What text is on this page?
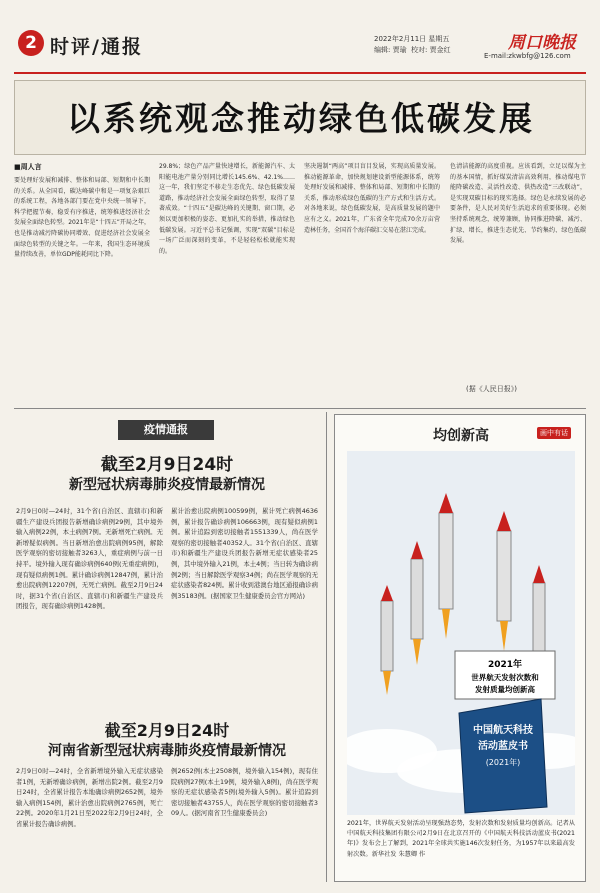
2 时评/通报	2022年2月11日 星期五
编辑: 贾瑜 校对: 贾金红	周口晚报
E-mail:zkwbfg@126.com
以系统观念推动绿色低碳发展
■周人言
要处理好发展和减排、整体和局部、短期和中长期的关系。从全国看，碳达峰碳中和是一项复杂艰巨的系统工程，各地各部门要在党中央统一领导下，科学把握节奏，稳妥有序推进，统筹推进经济社会发展全面绿色转型。2021年是“十四五”开局之年，也是推动减污降碳协同增效、促进经济社会发展全面绿色转型的关键之年。一年来，我国生态环境质量持续改善，单位GDP能耗同比下降。
29.8%；绿色产品产量快速增长，新能源汽车、太阳能电池产量分别同比增长145.6%、42.1%……这一年，我们坚定不移走生态优先、绿色低碳发展道路，推动经济社会发展全面绿色转型，取得了显著成效。“十四五”是碳达峰的关键期、窗口期，必须以更加积极的姿态、更加扎实的举措，推动绿色低碳发展。习近平总书记强调，实现“双碳”目标是一场广泛而深刻的变革，不是轻轻松松就能实现的。
坚决遏制“两高”项目盲目发展，实现高质量发展。推动能源革命，加快规划建设新型能源体系，统筹处理好发展和减排、整体和局部、短期和中长期的关系，推动形成绿色低碳的生产方式和生活方式。对各地来说，绿色低碳发展，是高质量发展的题中应有之义。2021年，广东省全年完成70余万亩营造林任务，全国首个海洋碳汇交易在湛江完成。
色清洁能源的高度重视。应该看到，立足以煤为主的基本国情，抓好煤炭清洁高效利用，推动煤电节能降碳改造、灵活性改造、供热改造“三改联动”，是实现双碳目标的现实选择。绿色是永续发展的必要条件，是人民对美好生活追求的重要体现。必须坚持系统观念，统筹兼顾，协同推进降碳、减污、扩绿、增长，推进生态优先、节约集约、绿色低碳发展。
(据《人民日报》)
疫情通报
截至2月9日24时
新型冠状病毒肺炎疫情最新情况
2月9日0时—24时，31个省(自治区、直辖市)和新疆生产建设兵团报告新增确诊病例29例，其中境外输入病例22例，本土病例7例。无新增死亡病例。无新增疑似病例。当日新增治愈出院病例95例，解除医学观察的密切接触者3263人，重症病例与前一日持平。境外输入现有确诊病例640例(无重症病例)，现有疑似病例1例。累计确诊病例12847例，累计治愈出院病例12207例，无死亡病例。截至2月9日24时，据31个省(自治区、直辖市)和新疆生产建设兵团报告，现有确诊病例1428例。
累计治愈出院病例100599例，累计死亡病例4636例，累计报告确诊病例106663例，现有疑似病例1例。累计追踪到密切接触者1551339人，尚在医学观察的密切接触者40352人。31个省(自治区、直辖市)和新疆生产建设兵团报告新增无症状感染者25例，其中境外输入21例，本土4例；当日转为确诊病例2例；当日解除医学观察34例；尚在医学观察的无症状感染者824例。累计收到港澳台地区通报确诊病例35183例。(据国家卫生健康委员会官方网站)
截至2月9日24时
河南省新型冠状病毒肺炎疫情最新情况
2月9日0时—24时，全省新增境外输入无症状感染者1例，无新增确诊病例，新增出院2例。截至2月9日24时，全省累计报告本地确诊病例2652例，境外输入病例154例，累计治愈出院病例2765例，死亡22例。2020年1月21日至2022年2月9日24时，全省累计报告确诊病例。
例2652例(本土2508例，境外输入154例)，现有住院病例27例(本土19例，境外输入8例)，尚在医学观察的无症状感染者5例(境外输入5例)。累计追踪到密切接触者43755人，尚在医学观察的密切接触者309人。(据河南省卫生健康委员会)
均创新高	画中有话
2021年
世界航天发射次数和
发射质量均创新高
中国航天科技
活动蓝皮书
(2021年)
2021年，世界航天发射活动呈现强劲态势，发射次数和发射质量均创新高。记者从中国航天科技集团有限公司2月9日在北京召开的《中国航天科技活动蓝皮书(2021年)》发布会上了解到，2021年全球共实施146次发射任务，为1957年以来最高发射次数。新华社发 朱慧卿 作
